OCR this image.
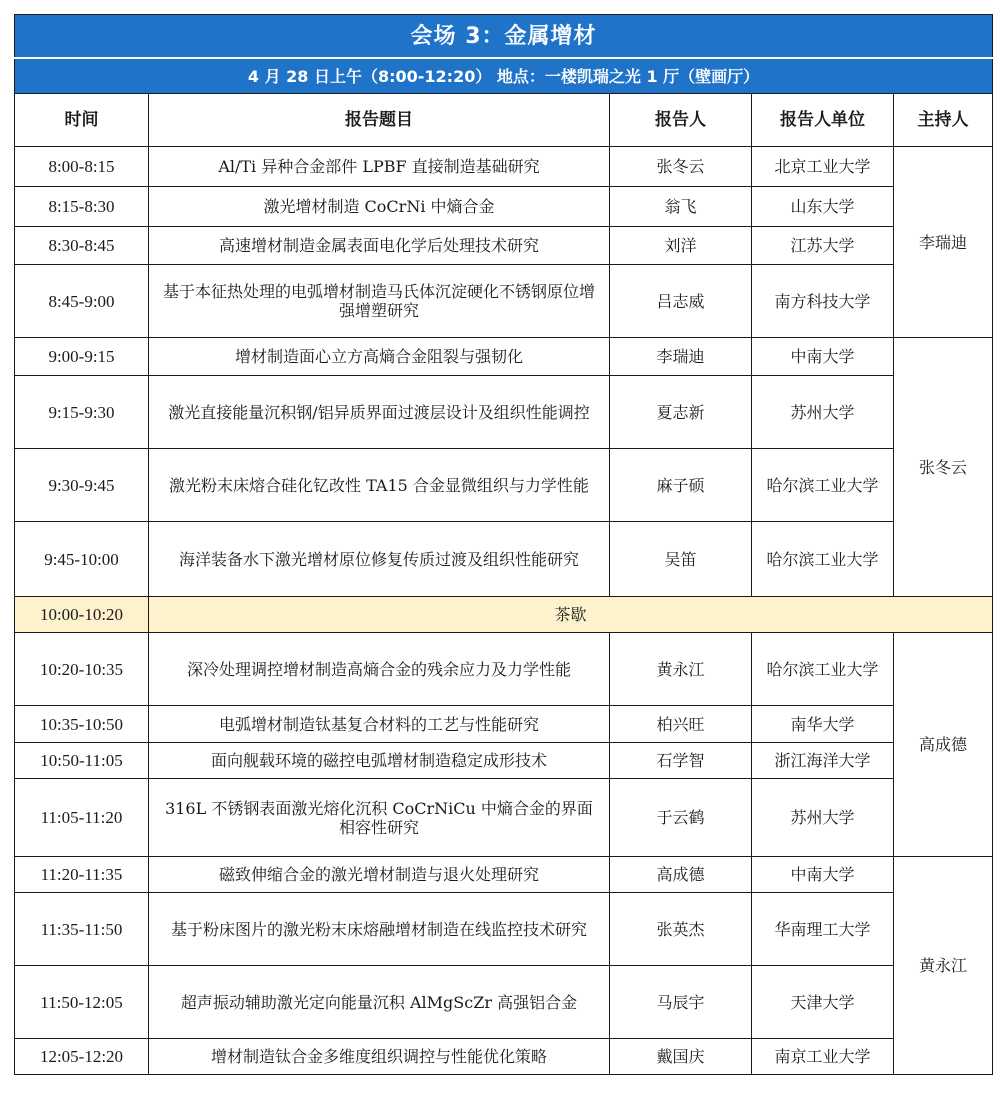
会场 3：金属增材				
4 月 28 日上午（8:00-12:20） 地点：一楼凯瑞之光 1 厅（壁画厅）				
时间	报告题目	报告人	报告人单位	主持人
8:00-8:15	Al/Ti 异种合金部件 LPBF 直接制造基础研究	张冬云	北京工业大学	李瑞迪
8:15-8:30	激光增材制造 CoCrNi 中熵合金	翁飞	山东大学	
8:30-8:45	高速增材制造金属表面电化学后处理技术研究	刘洋	江苏大学	
8:45-9:00	基于本征热处理的电弧增材制造马氏体沉淀硬化不锈钢原位增强增塑研究	吕志威	南方科技大学	
9:00-9:15	增材制造面心立方高熵合金阻裂与强韧化	李瑞迪	中南大学	张冬云
9:15-9:30	激光直接能量沉积钢/铝异质界面过渡层设计及组织性能调控	夏志新	苏州大学	
9:30-9:45	激光粉末床熔合硅化钇改性 TA15 合金显微组织与力学性能	麻子硕	哈尔滨工业大学	
9:45-10:00	海洋装备水下激光增材原位修复传质过渡及组织性能研究	吴笛	哈尔滨工业大学	
10:00-10:20	茶歇			
10:20-10:35	深冷处理调控增材制造高熵合金的残余应力及力学性能	黄永江	哈尔滨工业大学	高成德
10:35-10:50	电弧增材制造钛基复合材料的工艺与性能研究	柏兴旺	南华大学	
10:50-11:05	面向舰载环境的磁控电弧增材制造稳定成形技术	石学智	浙江海洋大学	
11:05-11:20	316L 不锈钢表面激光熔化沉积 CoCrNiCu 中熵合金的界面相容性研究	于云鹤	苏州大学	
11:20-11:35	磁致伸缩合金的激光增材制造与退火处理研究	高成德	中南大学	黄永江
11:35-11:50	基于粉床图片的激光粉末床熔融增材制造在线监控技术研究	张英杰	华南理工大学	
11:50-12:05	超声振动辅助激光定向能量沉积 AlMgScZr 高强铝合金	马辰宇	天津大学	
12:05-12:20	增材制造钛合金多维度组织调控与性能优化策略	戴国庆	南京工业大学	
